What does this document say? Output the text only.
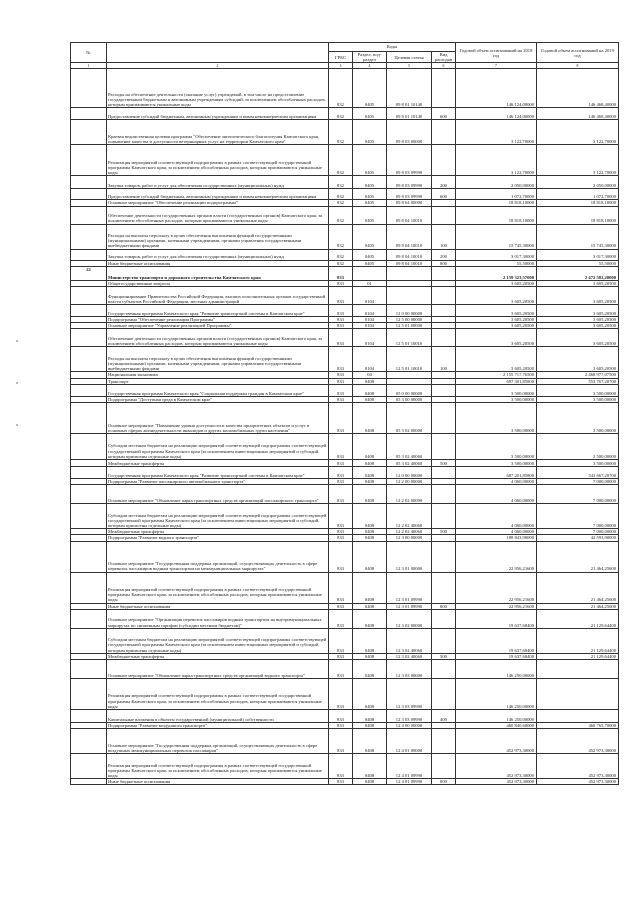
№		Коды				Годовой объем ассигнований на 2018 год	Годовой объем ассигнований на 2019 год
		ГРБС	Раздел, под-раздел	Целевая статья	Вид расходов		
1	2	3	4	5	6	7	8
	Расходы на обеспечение деятельности (оказание услуг) учреждений, в том числе на предоставление государственным бюджетным и автономным учреждениям субсидий, за исключением обособленных расходов, которым присваиваются уникальные коды	832	0405	09 8 01 10140		146 124,00000	146 468,40000
	Предоставление субсидий бюджетным, автономным учреждениям и иным некоммерческим организациям	832	0405	09 8 01 10140	600	146 124,00000	146 468,40000
	Краевая ведомственная целевая программа "Обеспечение эпизоотического благополучия Камчатского края, повышение качества и доступности ветеринарных услуг на территории Камчатского края"	832	0405	09 8 03 00000		3 122,70000	3 122,70000
	Реализация мероприятий соответствующей подпрограммы в рамках соответствующей государственной программы Камчатского края, за исключением обособленных расходов, которым присваиваются уникальные коды	832	0405	09 8 03 09990		3 122,70000	3 122,70000
	Закупка товаров, работ и услуг для обеспечения государственных (муниципальных) нужд	832	0405	09 8 03 09990	200	2 050,00000	2 050,00000
	Предоставление субсидий бюджетным, автономным учреждениям и иным некоммерческим организациям	832	0405	09 8 03 09990	600	1 072,70000	1 072,70000
	Основное мероприятие "Обеспечение реализации подпрограммы"	832	0405	09 8 04 00000		18 818,10000	18 818,10000
	Обеспечение деятельности государственных органов власти (государственных органов) Камчатского края, за исключением обособленных расходов, которым присваиваются уникальные коды	832	0405	09 8 04 10010		18 818,10000	18 818,10000
	Расходы на выплаты персоналу в целях обеспечения выполнения функций государственными (муниципальными) органами, казенными учреждениями, органами управления государственными внебюджетными фондами	832	0405	09 8 04 10010	100	15 745,30000	15 745,30000
	Закупка товаров, работ и услуг для обеспечения государственных (муниципальных) нужд	832	0405	09 8 04 10010	200	3 017,30000	3 017,30000
	Иные бюджетные ассигнования	832	0405	09 8 04 10010	800	55,50000	55,50000
22	Министерство транспорта и дорожного строительства Камчатского края	833				2 159 323,57000	2 472 582,20000
	Общегосударственные вопросы	833	01			3 605,20500	3 605,20500
	Функционирование Правительства Российской Федерации, высших исполнительных органов государственной власти субъектов Российской Федерации, местных администраций	833	0104			3 605,20500	3 605,20500
	Государственная программа Камчатского края "Развитие транспортной системы в Камчатском крае"	833	0104	12 0 00 00000		3 605,20500	3 605,20500
	Подпрограмма "Обеспечение реализации Программы"	833	0104	12 5 00 00000		3 605,20500	3 605,20500
	Основное мероприятие "Управление реализацией Программы"	833	0104	12 5 01 00000		3 605,20500	3 605,20500
	Обеспечение деятельности государственных органов власти (государственных органов) Камчатского края, за исключением обособленных расходов, которым присваиваются уникальные коды	833	0104	12 5 01 10010		3 605,20500	3 605,20500
	Расходы на выплаты персоналу в целях обеспечения выполнения функций государственными (муниципальными) органами, казенными учреждениями, органами управления государственными внебюджетными фондами	833	0104	12 5 01 10010	100	3 605,20500	3 605,20500
	Национальная экономика	833	04			2 155 717,76500	2 468 977,07500
	Транспорт	833	0408			697 301,85800	553 767,20700
	Государственная программа Камчатского края "Социальная поддержка граждан в Камчатском крае"	833	0408	05 0 00 00000		3 500,00000	3 500,00000
	Подпрограмма "Доступная среда в Камчатском крае"	833	0408	05 3 00 00000		3 500,00000	3 500,00000
	Основное мероприятие "Повышение уровня доступности и качества приоритетных объектов и услуг в основных сферах жизнедеятельности инвалидов и других маломобильных групп населения"	833	0408	05 3 02 00000		3 500,00000	3 500,00000
	Субсидии местным бюджетам на реализацию мероприятий соответствующей подпрограммы соответствующей государственной программы Камчатского края (за исключением инвестиционных мероприятий и субсидий, которым присвоены отдельные коды)	833	0408	05 3 02 40060		3 500,00000	3 500,00000
	Межбюджетные трансферты	833	0408	05 3 02 40060	500	3 500,00000	3 500,00000
	Государственная программа Камчатского края "Развитие транспортной системы в Камчатском крае"	833	0408	12 0 00 00000		687 201,85800	543 667,20700
	Подпрограмма "Развитие пассажирского автомобильного транспорта"	833	0408	12 2 00 00000		4 060,00000	7 000,00000
	Основное мероприятие "Обновление парка транспортных средств организаций пассажирского транспорта"	833	0408	12 2 02 00000		4 060,00000	7 000,00000
	Субсидии местным бюджетам на реализацию мероприятий соответствующей подпрограммы соответствующей государственной программы Камчатского края (за исключением инвестиционных мероприятий и субсидий, которым присвоены отдельные коды)	833	0408	12 2 02 40060		4 060,00000	7 000,00000
	Межбюджетные трансферты	833	0408	12 2 02 40060	500	4 060,00000	7 000,00000
	Подпрограмма "Развитие водного транспорта"	833	0408	12 3 00 00000		188 843,90000	42 593,90000
	Основное мероприятие "Государственная поддержка организаций, осуществляющих деятельность в сфере перевозок пассажиров водным транспортом на межмуниципальных маршрутах"	833	0408	12 3 01 00000		22 956,21600	21 464,25600
	Реализация мероприятий соответствующей подпрограммы в рамках соответствующей государственной программы Камчатского края, за исключением обособленных расходов, которым присваиваются уникальные коды	833	0408	12 3 01 09990		22 956,21600	21 464,25600
	Иные бюджетные ассигнования	833	0408	12 3 01 09990	800	22 956,21600	21 464,25600
	Основное мероприятие "Организация перевозок пассажиров водным транспортом на внутримуниципальных маршрутах по сниженным тарифам (субсидии местным бюджетам)"	833	0408	12 3 02 00000		19 637,68400	21 129,64400
	Субсидии местным бюджетам на реализацию мероприятий соответствующей подпрограммы соответствующей государственной программы Камчатского края (за исключением инвестиционных мероприятий и субсидий, которым присвоены отдельные коды)	833	0408	12 3 02 40060		19 637,68400	21 129,64400
	Межбюджетные трансферты	833	0408	12 3 02 40060	500	19 637,68400	21 129,64400
	Основное мероприятие "Обновление парка транспортных средств организаций водного транспорта"	833	0408	12 3 03 00000		146 250,00000	
	Реализация мероприятий соответствующей подпрограммы в рамках соответствующей государственной программы Камчатского края, за исключением обособленных расходов, которым присваиваются уникальные коды	833	0408	12 3 03 09990		146 250,00000	
	Капитальные вложения в объекты государственной (муниципальной) собственности	833	0408	12 3 03 09990	400	146 250,00000	
	Подпрограмма "Развитие воздушного транспорта"	833	0408	12 4 00 00000		460 840,60000	460 765,70000
	Основное мероприятие "Государственная поддержка организаций, осуществляющих деятельность в сфере воздушных межмуниципальных перевозок пассажиров"	833	0408	12 4 01 00000		452 973,30000	452 973,30000
	Реализация мероприятий соответствующей подпрограммы в рамках соответствующей государственной программы Камчатского края, за исключением обособленных расходов, которым присваиваются уникальные коды	833	0408	12 4 01 09990		452 973,30000	452 973,30000
	Иные бюджетные ассигнования	833	0408	12 4 01 09990	800	452 973,30000	452 973,30000
